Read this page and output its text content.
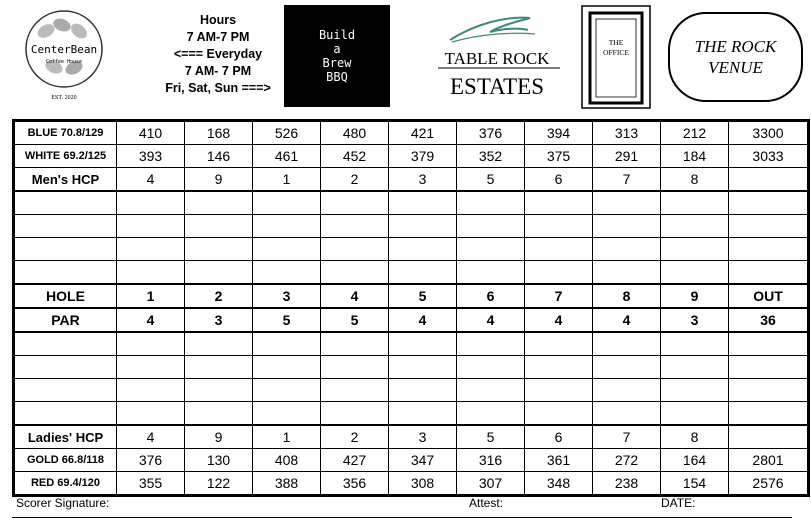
CenterBean
Coffee House
EST. 2020
Hours
7 AM-7 PM
<=== Everyday
7 AM- 7 PM
Fri, Sat, Sun ===>
Build
a
Brew
BBQ
TABLE ROCK
ESTATES
THE
OFFICE	THE ROCK
VENUE
BLUE 70.8/129	410	168	526	480	421	376	394	313	212	3300
WHITE 69.2/125	393	146	461	452	379	352	375	291	184	3033
Men's HCP	4	9	1	2	3	5	6	7	8	

HOLE	1	2	3	4	5	6	7	8	9	OUT
PAR	4	3	5	5	4	4	4	4	3	36

Ladies' HCP	4	9	1	2	3	5	6	7	8	
GOLD 66.8/118	376	130	408	427	347	316	361	272	164	2801
RED 69.4/120	355	122	388	356	308	307	348	238	154	2576
Scorer Signature:	Attest:	DATE:
